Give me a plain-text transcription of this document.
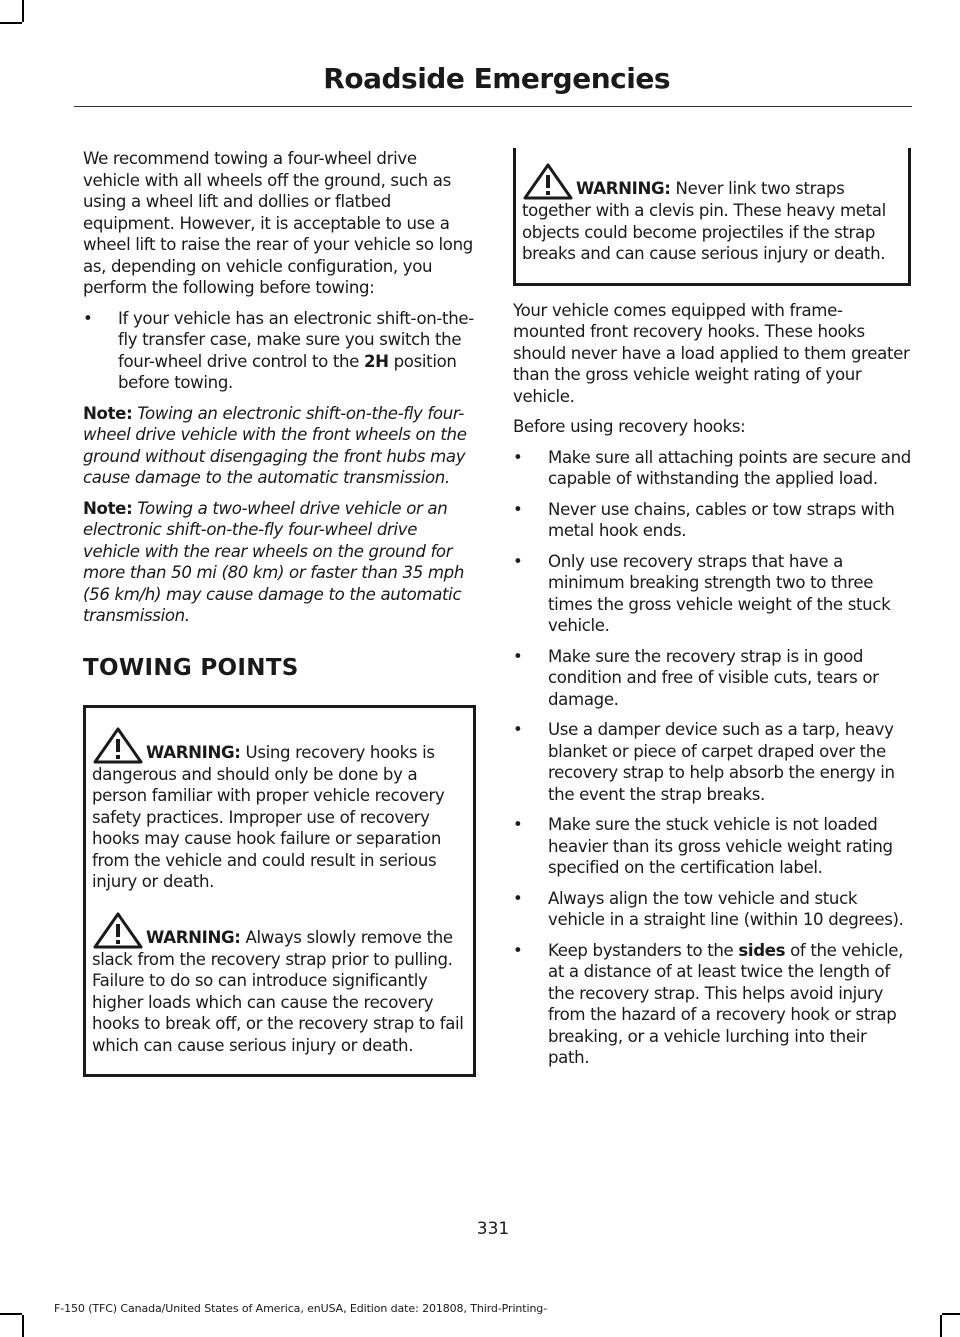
Roadside Emergencies

We recommend towing a four-wheel drive vehicle with all wheels off the ground, such as using a wheel lift and dollies or flatbed equipment. However, it is acceptable to use a wheel lift to raise the rear of your vehicle so long as, depending on vehicle configuration, you perform the following before towing:

• If your vehicle has an electronic shift-on-the-fly transfer case, make sure you switch the four-wheel drive control to the 2H position before towing.

Note: Towing an electronic shift-on-the-fly four-wheel drive vehicle with the front wheels on the ground without disengaging the front hubs may cause damage to the automatic transmission.

Note: Towing a two-wheel drive vehicle or an electronic shift-on-the-fly four-wheel drive vehicle with the rear wheels on the ground for more than 50 mi (80 km) or faster than 35 mph (56 km/h) may cause damage to the automatic transmission.

TOWING POINTS

WARNING: Using recovery hooks is dangerous and should only be done by a person familiar with proper vehicle recovery safety practices. Improper use of recovery hooks may cause hook failure or separation from the vehicle and could result in serious injury or death.

WARNING: Always slowly remove the slack from the recovery strap prior to pulling. Failure to do so can introduce significantly higher loads which can cause the recovery hooks to break off, or the recovery strap to fail which can cause serious injury or death.

WARNING: Never link two straps together with a clevis pin. These heavy metal objects could become projectiles if the strap breaks and can cause serious injury or death.

Your vehicle comes equipped with frame-mounted front recovery hooks. These hooks should never have a load applied to them greater than the gross vehicle weight rating of your vehicle.

Before using recovery hooks:

• Make sure all attaching points are secure and capable of withstanding the applied load.
• Never use chains, cables or tow straps with metal hook ends.
• Only use recovery straps that have a minimum breaking strength two to three times the gross vehicle weight of the stuck vehicle.
• Make sure the recovery strap is in good condition and free of visible cuts, tears or damage.
• Use a damper device such as a tarp, heavy blanket or piece of carpet draped over the recovery strap to help absorb the energy in the event the strap breaks.
• Make sure the stuck vehicle is not loaded heavier than its gross vehicle weight rating specified on the certification label.
• Always align the tow vehicle and stuck vehicle in a straight line (within 10 degrees).
• Keep bystanders to the sides of the vehicle, at a distance of at least twice the length of the recovery strap. This helps avoid injury from the hazard of a recovery hook or strap breaking, or a vehicle lurching into their path.
331
F-150 (TFC) Canada/United States of America, enUSA, Edition date: 201808, Third-Printing-
